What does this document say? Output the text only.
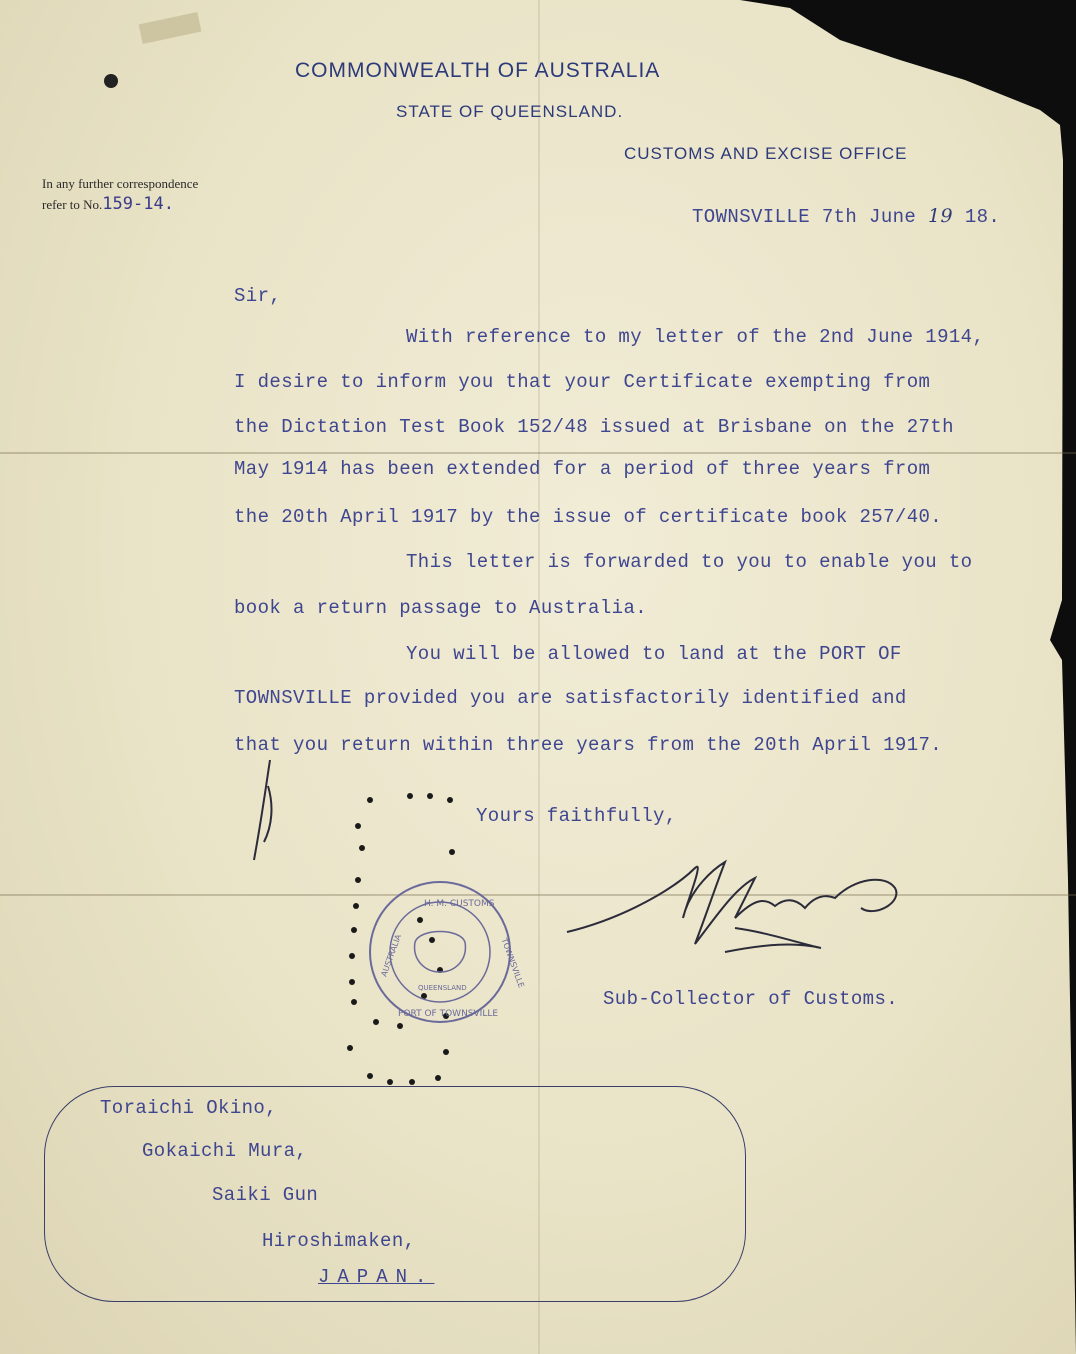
COMMONWEALTH OF AUSTRALIA
STATE OF QUEENSLAND.
CUSTOMS AND EXCISE OFFICE
In any further correspondence
refer to No.159-14.
TOWNSVILLE 7th June 19 18.
Sir,
With reference to my letter of the 2nd June 1914,
I desire to inform you that your Certificate exempting from
the Dictation Test Book 152/48 issued at Brisbane on the 27th
May 1914 has been extended for a period of three years from
the 20th April 1917 by the issue of certificate book 257/40.
This letter is forwarded to you to enable you to
book a return passage to Australia.
You will be allowed to land at the PORT OF
TOWNSVILLE provided you are satisfactorily identified and
that you return within three years from the 20th April 1917.
Yours faithfully,
H. M. CUSTOMS
AUSTRALIA	TOWNSVILLE
PORT OF TOWNSVILLE
QUEENSLAND	Sub-Collector of Customs.
Toraichi Okino,
Gokaichi Mura,
Saiki Gun
Hiroshimaken,
JAPAN.
